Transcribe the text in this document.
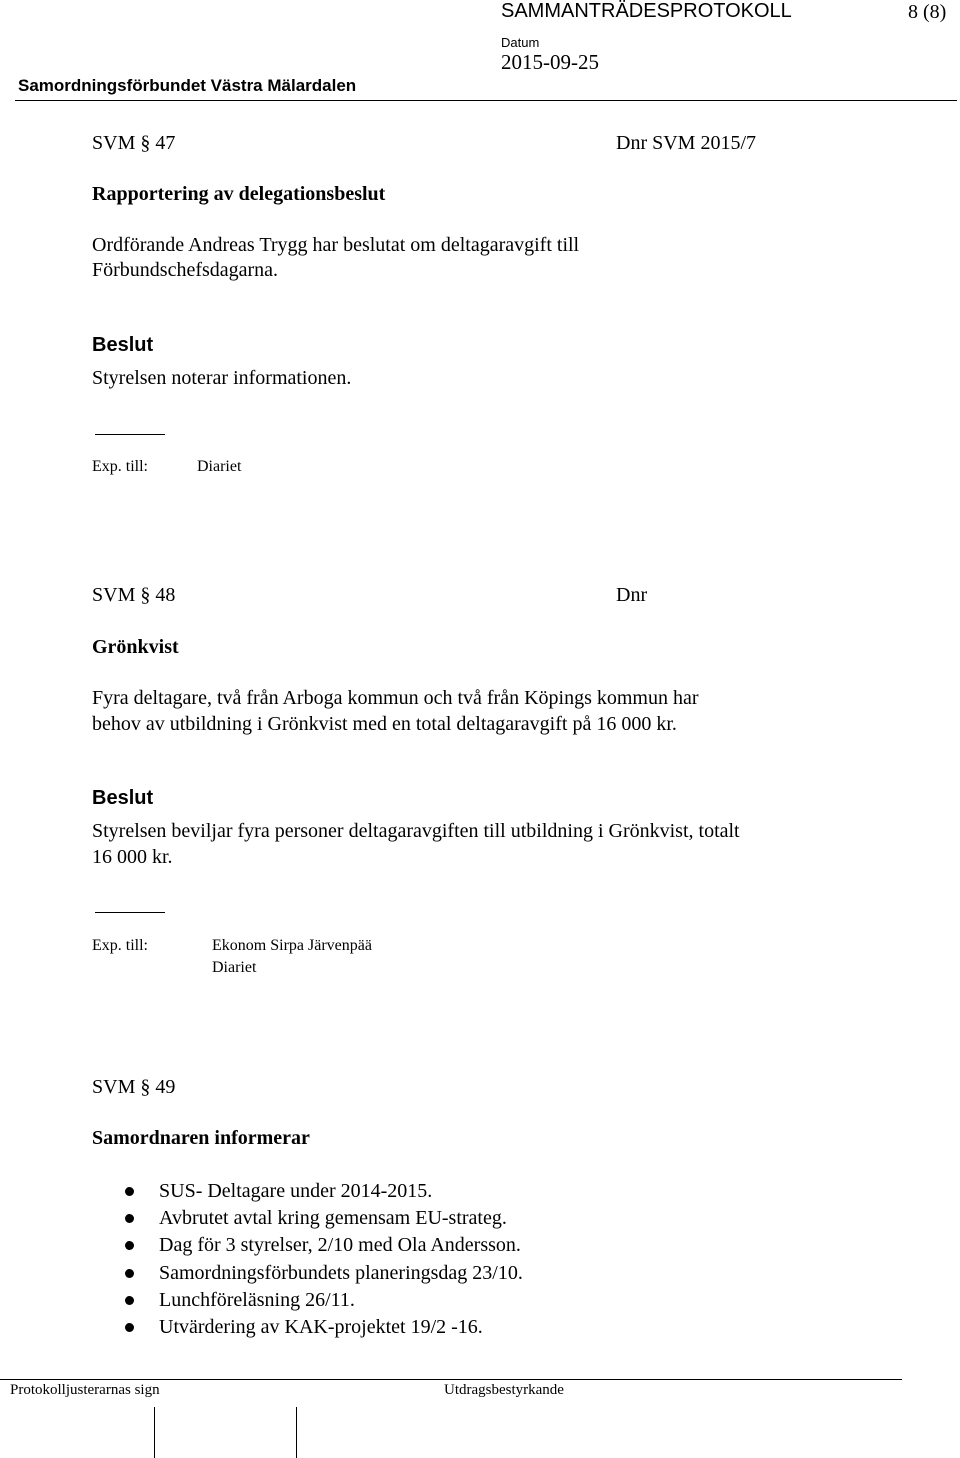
SAMMANTRÄDESPROTOKOLL	8 (8)
Datum
2015-09-25
Samordningsförbundet Västra Mälardalen
SVM § 47	Dnr SVM 2015/7
Rapportering av delegationsbeslut
Ordförande Andreas Trygg har beslutat om deltagaravgift till
Förbundschefsdagarna.
Beslut
Styrelsen noterar informationen.
Exp. till:	Diariet
SVM § 48	Dnr
Grönkvist
Fyra deltagare, två från Arboga kommun och två från Köpings kommun har
behov av utbildning i Grönkvist med en total deltagaravgift på 16 000 kr.
Beslut
Styrelsen beviljar fyra personer deltagaravgiften till utbildning i Grönkvist, totalt
16 000 kr.
Exp. till:	Ekonom Sirpa Järvenpää
Diariet
SVM § 49
Samordnaren informerar
SUS- Deltagare under 2014-2015.
Avbrutet avtal kring gemensam EU-strateg.
Dag för 3 styrelser, 2/10 med Ola Andersson.
Samordningsförbundets planeringsdag 23/10.
Lunchföreläsning 26/11.
Utvärdering av KAK-projektet 19/2 -16.
Protokolljusterarnas sign	Utdragsbestyrkande
